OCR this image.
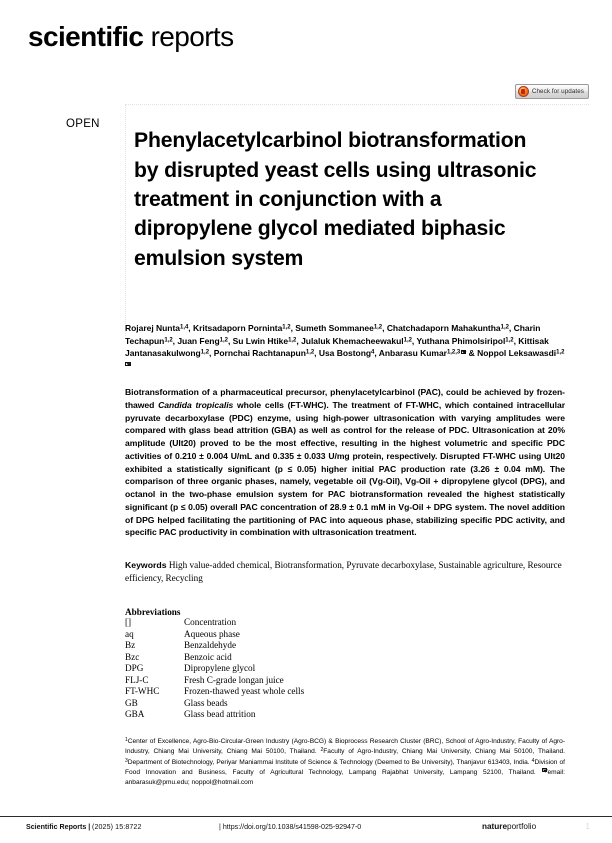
scientific reports
Check for updates
OPEN
Phenylacetylcarbinol biotransformation by disrupted yeast cells using ultrasonic treatment in conjunction with a dipropylene glycol mediated biphasic emulsion system
Rojarej Nunta$^{1,4}$, Kritsadaporn Porninta$^{1,2}$, Sumeth Sommanee$^{1,2}$, Chatchadaporn Mahakuntha$^{1,2}$, Charin Techapun$^{1,2}$, Juan Feng$^{1,2}$, Su Lwin Htike$^{1,2}$, Julaluk Khemacheewakul$^{1,2}$, Yuthana Phimolsiripol$^{1,2}$, Kittisak Jantanasakulwong$^{1,2}$, Pornchai Rachtanapun$^{1,2}$, Usa Bostong$^4$, Anbarasu Kumar$^{1,2,3}$ & Noppol Leksawasdi$^{1,2}$
Biotransformation of a pharmaceutical precursor, phenylacetylcarbinol (PAC), could be achieved by frozen-thawed Candida tropicalis whole cells (FT-WHC). The treatment of FT-WHC, which contained intracellular pyruvate decarboxylase (PDC) enzyme, using high-power ultrasonication with varying amplitudes were compared with glass bead attrition (GBA) as well as control for the release of PDC. Ultrasonication at 20% amplitude (Ult20) proved to be the most effective, resulting in the highest volumetric and specific PDC activities of 0.210 ± 0.004 U/mL and 0.335 ± 0.033 U/mg protein, respectively. Disrupted FT-WHC using Ult20 exhibited a statistically significant (p ≤ 0.05) higher initial PAC production rate (3.26 ± 0.04 mM). The comparison of three organic phases, namely, vegetable oil (Vg-Oil), Vg-Oil + dipropylene glycol (DPG), and octanol in the two-phase emulsion system for PAC biotransformation revealed the highest statistically significant (p ≤ 0.05) overall PAC concentration of 28.9 ± 0.1 mM in Vg-Oil + DPG system. The novel addition of DPG helped facilitating the partitioning of PAC into aqueous phase, stabilizing specific PDC activity, and specific PAC productivity in combination with ultrasonication treatment.
Keywords High value-added chemical, Biotransformation, Pyruvate decarboxylase, Sustainable agriculture, Resource efficiency, Recycling
Abbreviations
[]	Concentration
aq	Aqueous phase
Bz	Benzaldehyde
Bzc	Benzoic acid
DPG	Dipropylene glycol
FLJ-C	Fresh C-grade longan juice
FT-WHC	Frozen-thawed yeast whole cells
GB	Glass beads
GBA	Glass bead attrition
$^1$Center of Excellence, Agro-Bio-Circular-Green Industry (Agro-BCG) & Bioprocess Research Cluster (BRC), School of Agro-Industry, Faculty of Agro-Industry, Chiang Mai University, Chiang Mai 50100, Thailand. $^2$Faculty of Agro-Industry, Chiang Mai University, Chiang Mai 50100, Thailand. $^3$Department of Biotechnology, Periyar Maniammai Institute of Science & Technology (Deemed to Be University), Thanjavur 613403, India. $^4$Division of Food Innovation and Business, Faculty of Agricultural Technology, Lampang Rajabhat University, Lampang 52100, Thailand. email: anbarasuk@pmu.edu; noppol@hotmail.com
Scientific Reports | (2025) 15:8722	| https://doi.org/10.1038/s41598-025-92947-0	natureportfolio	1
